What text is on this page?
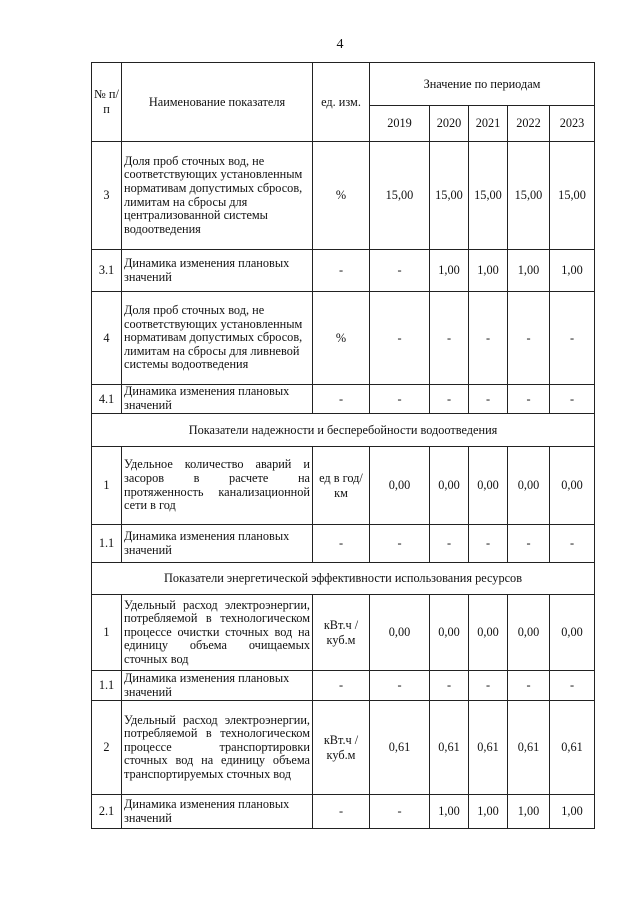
4
№ п/п	Наименование показателя	ед. изм.	Значение по периодам				
			2019	2020	2021	2022	2023
3	Доля проб сточных вод, не соответствующих установленным нормативам допустимых сбросов, лимитам на сбросы для централизованной системы водоотведения	%	15,00	15,00	15,00	15,00	15,00
3.1	Динамика изменения плановых значений	-	-	1,00	1,00	1,00	1,00
4	Доля проб сточных вод, не соответствующих установленным нормативам допустимых сбросов, лимитам на сбросы для ливневой системы водоотведения	%	-	-	-	-	-
4.1	Динамика изменения плановых значений	-	-	-	-	-	-
Показатели надежности и бесперебойности водоотведения							
1	Удельное количество аварий и засоров в расчете на протяженность канализационной сети в год	ед в год/ км	0,00	0,00	0,00	0,00	0,00
1.1	Динамика изменения плановых значений	-	-	-	-	-	-
Показатели энергетической эффективности использования ресурсов							
1	Удельный расход электроэнергии, потребляемой в технологическом процессе очистки сточных вод на единицу объема очищаемых сточных вод	кВт.ч / куб.м	0,00	0,00	0,00	0,00	0,00
1.1	Динамика изменения плановых значений	-	-	-	-	-	-
2	Удельный расход электроэнергии, потребляемой в технологическом процессе транспортировки сточных вод на единицу объема транспортируемых сточных вод	кВт.ч / куб.м	0,61	0,61	0,61	0,61	0,61
2.1	Динамика изменения плановых значений	-	-	1,00	1,00	1,00	1,00
